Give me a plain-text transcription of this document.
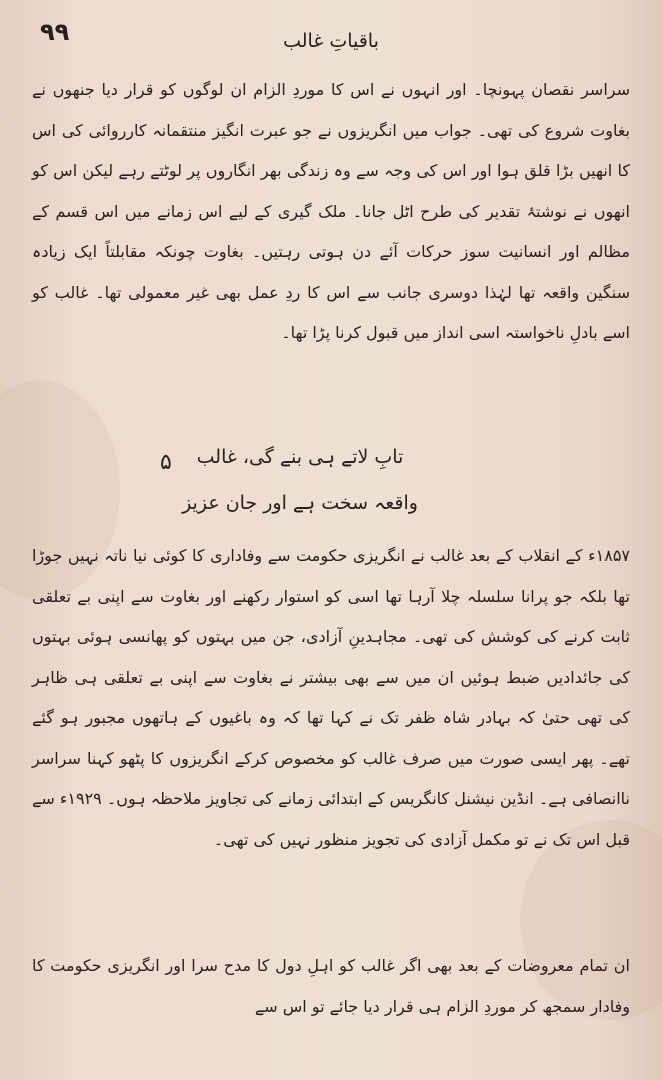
۹۹	باقیاتِ غالب

سراسر نقصان پہونچا۔ اور انہوں نے اس کا موردِ الزام ان لوگوں کو قرار دیا جنھوں نے بغاوت شروع کی تھی۔ جواب میں انگریزوں نے جو عبرت انگیز منتقمانہ کارروائی کی اس کا انھیں بڑا قلق ہوا اور اس کی وجہ سے وہ زندگی بھر انگاروں پر لوٹتے رہے لیکن اس کو انھوں نے نوشتۂ تقدیر کی طرح اٹل جانا۔ ملک گیری کے لیے اس زمانے میں اس قسم کے مظالم اور انسانیت سوز حرکات آئے دن ہوتی رہتیں۔ بغاوت چونکہ مقابلتاً ایک زیادہ سنگین واقعہ تھا لہٰذا دوسری جانب سے اس کا ردِ عمل بھی غیر معمولی تھا۔ غالب کو اسے بادلِ ناخواستہ اسی انداز میں قبول کرنا پڑا تھا۔

۵	تابِ لاتے ہی بنے گی، غالب
واقعہ سخت ہے اور جان عزیز

۱۸۵۷ء کے انقلاب کے بعد غالب نے انگریزی حکومت سے وفاداری کا کوئی نیا ناتہ نہیں جوڑا تھا بلکہ جو پرانا سلسلہ چلا آرہا تھا اسی کو استوار رکھنے اور بغاوت سے اپنی بے تعلقی ثابت کرنے کی کوشش کی تھی۔ مجاہدینِ آزادی، جن میں بہتوں کو پھانسی ہوئی بہتوں کی جائدادیں ضبط ہوئیں ان میں سے بھی بیشتر نے بغاوت سے اپنی بے تعلقی ہی ظاہر کی تھی حتیٰ کہ بہادر شاہ ظفر تک نے کہا تھا کہ وہ باغیوں کے ہاتھوں مجبور ہو گئے تھے۔ پھر ایسی صورت میں صرف غالب کو مخصوص کرکے انگریزوں کا پٹھو کہنا سراسر ناانصافی ہے۔ انڈین نیشنل کانگریس کے ابتدائی زمانے کی تجاویز ملاحظہ ہوں۔ ۱۹۲۹ء سے قبل اس تک نے تو مکمل آزادی کی تجویز منظور نہیں کی تھی۔

ان تمام معروضات کے بعد بھی اگر غالب کو اہلِ دول کا مدح سرا اور انگریزی حکومت کا وفادار سمجھ کر موردِ الزام ہی قرار دیا جائے تو اس سے
